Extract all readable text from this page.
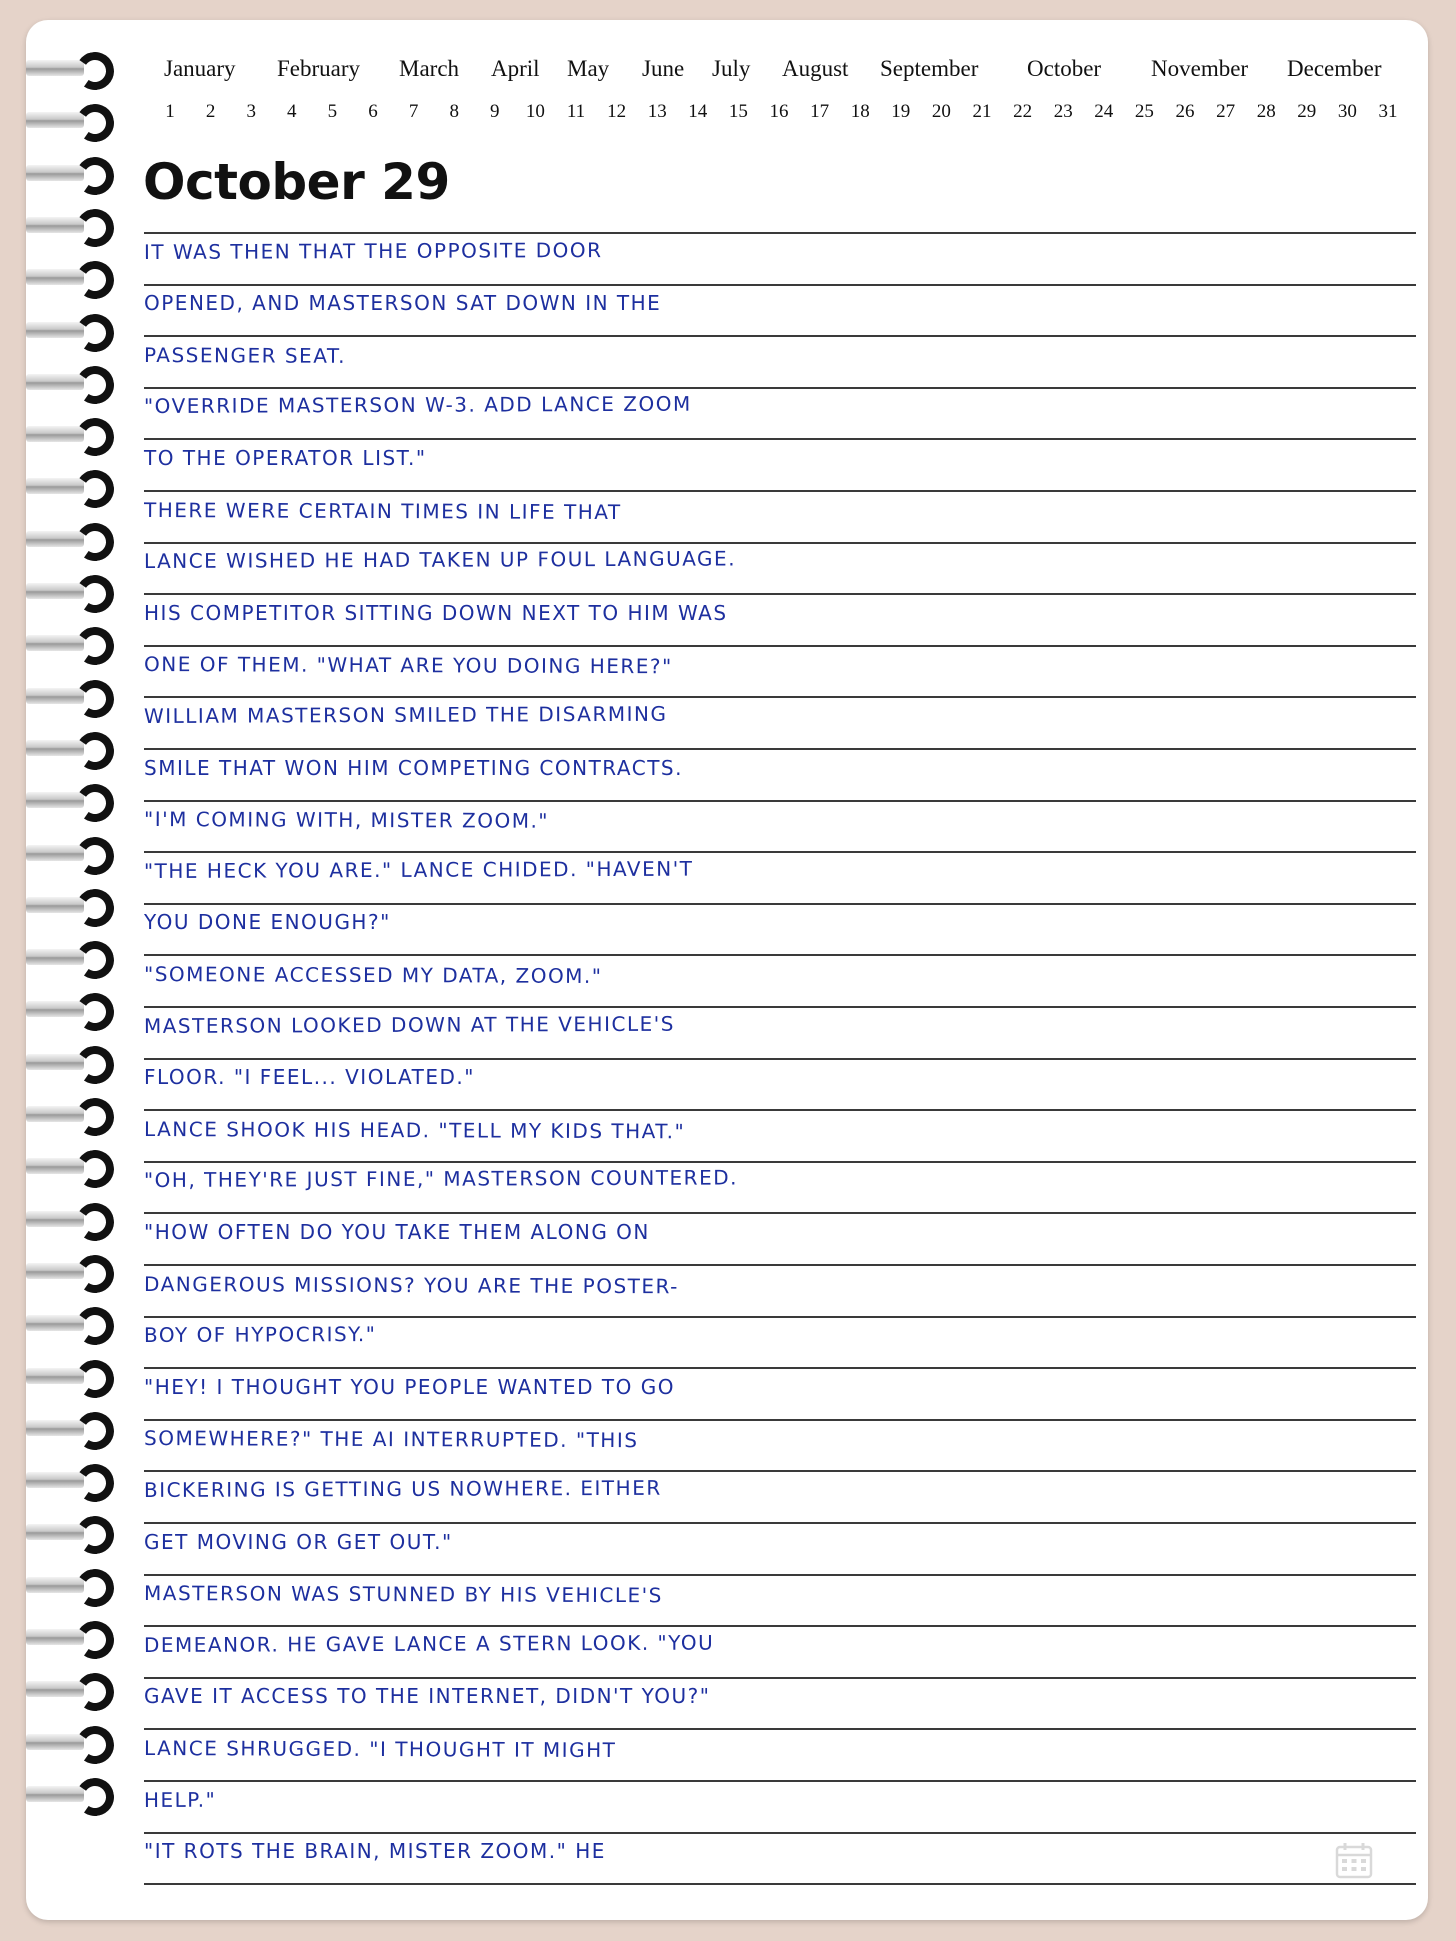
January February March April May June July August September October November December
1	2	3	4	5	6	7	8	9	10	11	12 13 14 15 16 17 18 19 20 21 22 23 24 25 26 27 28 29 30 31
October 29
IT WAS THEN THAT THE OPPOSITE DOOR
OPENED, AND MASTERSON SAT DOWN IN THE
PASSENGER SEAT.
"OVERRIDE MASTERSON W-3. ADD LANCE ZOOM
TO THE OPERATOR LIST."
THERE WERE CERTAIN TIMES IN LIFE THAT
LANCE WISHED HE HAD TAKEN UP FOUL LANGUAGE.
HIS COMPETITOR SITTING DOWN NEXT TO HIM WAS
ONE OF THEM. "WHAT ARE YOU DOING HERE?"
WILLIAM MASTERSON SMILED THE DISARMING
SMILE THAT WON HIM COMPETING CONTRACTS.
"I'M COMING WITH, MISTER ZOOM."
"THE HECK YOU ARE." LANCE CHIDED. "HAVEN'T
YOU DONE ENOUGH?"
"SOMEONE ACCESSED MY DATA, ZOOM."
MASTERSON LOOKED DOWN AT THE VEHICLE'S
FLOOR. "I FEEL... VIOLATED."
LANCE SHOOK HIS HEAD. "TELL MY KIDS THAT."
"OH, THEY'RE JUST FINE," MASTERSON COUNTERED.
"HOW OFTEN DO YOU TAKE THEM ALONG ON
DANGEROUS MISSIONS? YOU ARE THE POSTER-
BOY OF HYPOCRISY."
"HEY! I THOUGHT YOU PEOPLE WANTED TO GO
SOMEWHERE?" THE AI INTERRUPTED. "THIS
BICKERING IS GETTING US NOWHERE. EITHER
GET MOVING OR GET OUT."
MASTERSON WAS STUNNED BY HIS VEHICLE'S
DEMEANOR. HE GAVE LANCE A STERN LOOK. "YOU
GAVE IT ACCESS TO THE INTERNET, DIDN'T YOU?"
LANCE SHRUGGED. "I THOUGHT IT MIGHT
HELP."
"IT ROTS THE BRAIN, MISTER ZOOM." HE
